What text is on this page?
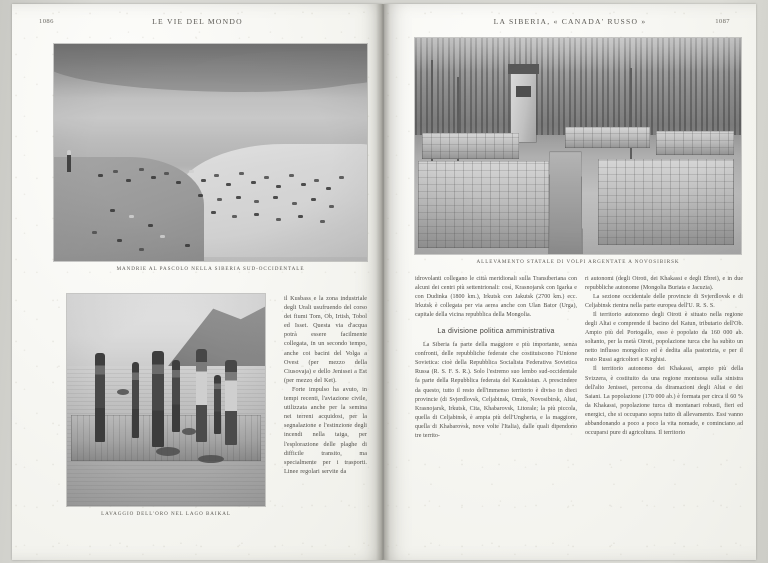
1086	LE VIE DEL MONDO
MANDRIE AL PASCOLO NELLA SIBERIA SUD-OCCIDENTALE
LAVAGGIO DELL'ORO NEL LAGO BAIKAL

il Kusbass e la zona industriale degli Urali usufruendo del corso dei fiumi Tom, Ob, Irtish, Tobol ed Isset. Questa via d'acqua potrà essere facilmente collegata, in un secondo tempo, anche coi bacini del Volga a Ovest (per mezzo della Ciusovaja) e dello Jenissei a Est (per mezzo del Ket).

Forte impulso ha avuto, in tempi recenti, l'aviazione civile, utilizzata anche per la semina nei terreni acquidosi, per la segnalazione e l'estinzione degli incendi nella taiga, per l'esplorazione delle plaghe di difficile transito, ma specialmente per i trasporti. Linee regolari servite da

LA SIBERIA, « CANADA' RUSSO »	1087
ALLEVAMENTO STATALE DI VOLPI ARGENTATE A NOVOSIBIRSK

idrovolanti collegano le città meridionali sulla Transiberiana con alcuni dei centri più settentrionali: così, Krasnojarsk con Igarka e con Dudinka (1800 km.), Irkutsk con Jakutsk (2700 km.) ecc. Irkutsk è collegata per via aerea anche con Ulan Bator (Urga), capitale della vicina repubblica della Mongolia.

La divisione politica amministrativa

La Siberia fa parte della maggiore e più importante, senza confronti, delle repubbliche federate che costituiscono l'Unione Sovietica: cioè della Repubblica Socialista Federativa Sovietica Russa (R. S. F. S. R.). Solo l'estremo suo lembo sud-occidentale fa parte della Repubblica federata del Kazakistan. A prescindere da questo, tutto il resto dell'immenso territorio è diviso in dieci provincie (di Svjerdlovsk, Celjabinsk, Omsk, Novosibirsk, Altai, Krasnojarsk, Irkutsk, Cita, Khabarovsk, Litorale; la più piccola, quella di Celjabinsk, è ampia più dell'Ungheria, e la maggiore, quella di Khabarovsk, nove volte l'Italia), dalle quali dipendono tre territo-

ri autonomi (degli Oiroti, dei Khakassi e degli Ebrei), e in due repubbliche autonome (Mongolia Buriata e Jacuzia).

La sezione occidentale delle provincie di Svjerdlovsk e di Celjabinsk rientra nella parte europea dell'U. R. S. S.

Il territorio autonomo degli Oiroti è situato nella regione degli Altai e comprende il bacino del Katun, tributario dell'Ob. Ampio più del Portogallo, esso è popolato da 160 000 ab. soltanto, per la metà Oiroti, popolazione turca che ha subìto un netto influsso mongolico ed è dedita alla pastorizia, e per il resto Russi agricoltori e Kirghisi.

Il territorio autonomo dei Khakassi, ampio più della Svizzera, è costituito da una regione montuosa sulla sinistra dell'alto Jenissei, percorsa da diramazioni degli Altai e dei Saiani. La popolazione (170 000 ab.) è formata per circa il 60 % da Khakassi, popolazione turca di montanari robusti, fieri ed energici, che si occupano sopra tutto di allevamento. Essi vanno abbandonando a poco a poco la vita nomade, e cominciano ad occuparsi pure di agricoltura. Il territorio
